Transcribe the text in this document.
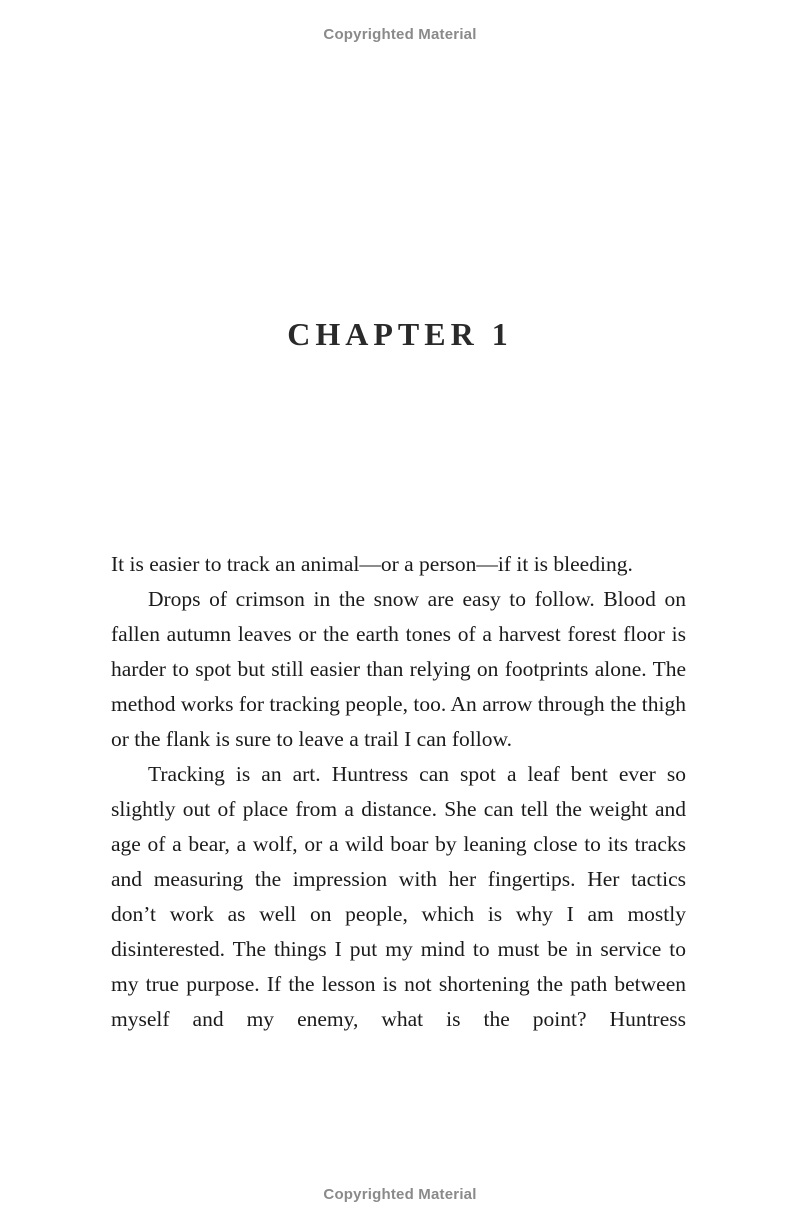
Copyrighted Material
CHAPTER 1

It is easier to track an animal—or a person—if it is bleeding.

Drops of crimson in the snow are easy to follow. Blood on fallen autumn leaves or the earth tones of a harvest forest floor is harder to spot but still easier than relying on footprints alone. The method works for tracking people, too. An arrow through the thigh or the flank is sure to leave a trail I can follow.

Tracking is an art. Huntress can spot a leaf bent ever so slightly out of place from a distance. She can tell the weight and age of a bear, a wolf, or a wild boar by leaning close to its tracks and measuring the impression with her fingertips. Her tactics don’t work as well on people, which is why I am mostly disinterested. The things I put my mind to must be in service to my true purpose. If the lesson is not shortening the path between myself and my enemy, what is the point? Huntress

Copyrighted Material
